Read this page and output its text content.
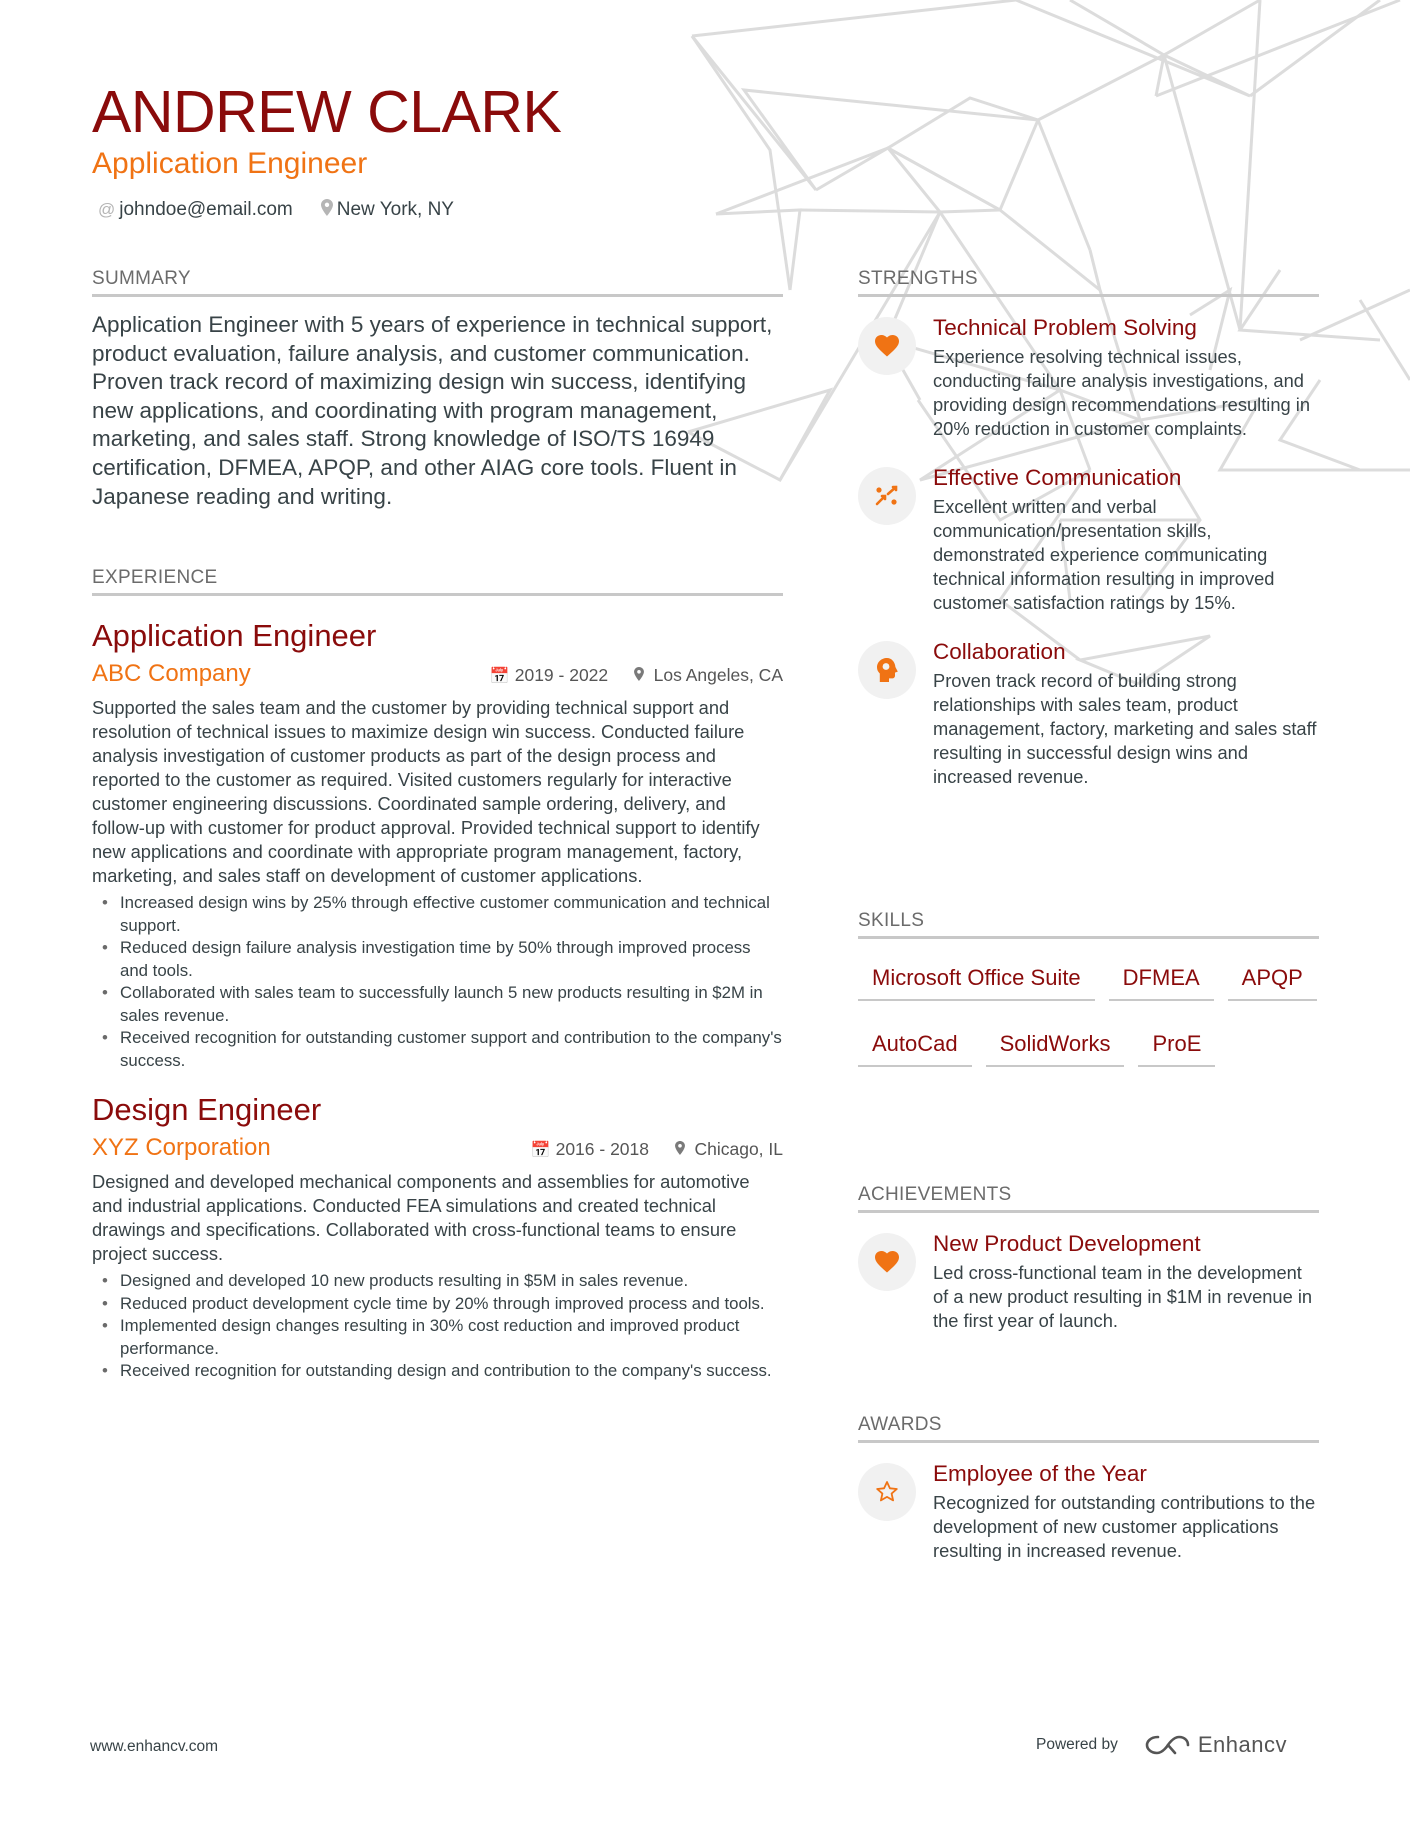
ANDREW CLARK
Application Engineer
@ johndoe@email.com New York, NY
SUMMARY
Application Engineer with 5 years of experience in technical support, product evaluation, failure analysis, and customer communication. Proven track record of maximizing design win success, identifying new applications, and coordinating with program management, marketing, and sales staff. Strong knowledge of ISO/TS 16949 certification, DFMEA, APQP, and other AIAG core tools. Fluent in Japanese reading and writing.
EXPERIENCE
Application Engineer
ABC Company	📅 2019 - 2022	Los Angeles, CA
Supported the sales team and the customer by providing technical support and resolution of technical issues to maximize design win success. Conducted failure analysis investigation of customer products as part of the design process and reported to the customer as required. Visited customers regularly for interactive customer engineering discussions. Coordinated sample ordering, delivery, and follow-up with customer for product approval. Provided technical support to identify new applications and coordinate with appropriate program management, factory, marketing, and sales staff on development of customer applications.
• Increased design wins by 25% through effective customer communication and technical support.
• Reduced design failure analysis investigation time by 50% through improved process and tools.
• Collaborated with sales team to successfully launch 5 new products resulting in $2M in sales revenue.
• Received recognition for outstanding customer support and contribution to the company's success.
Design Engineer
XYZ Corporation	📅 2016 - 2018	Chicago, IL
Designed and developed mechanical components and assemblies for automotive and industrial applications. Conducted FEA simulations and created technical drawings and specifications. Collaborated with cross-functional teams to ensure project success.
• Designed and developed 10 new products resulting in $5M in sales revenue.
• Reduced product development cycle time by 20% through improved process and tools.
• Implemented design changes resulting in 30% cost reduction and improved product performance.
• Received recognition for outstanding design and contribution to the company's success.
STRENGTHS
Technical Problem Solving
Experience resolving technical issues, conducting failure analysis investigations, and providing design recommendations resulting in 20% reduction in customer complaints.
Effective Communication
Excellent written and verbal communication/presentation skills, demonstrated experience communicating technical information resulting in improved customer satisfaction ratings by 15%.
Collaboration
Proven track record of building strong relationships with sales team, product management, factory, marketing and sales staff resulting in successful design wins and increased revenue.
SKILLS
Microsoft Office Suite	DFMEA	APQP
AutoCad	SolidWorks	ProE
ACHIEVEMENTS
New Product Development
Led cross-functional team in the development of a new product resulting in $1M in revenue in the first year of launch.
AWARDS
Employee of the Year
Recognized for outstanding contributions to the development of new customer applications resulting in increased revenue.
www.enhancv.com	Powered by	Enhancv
